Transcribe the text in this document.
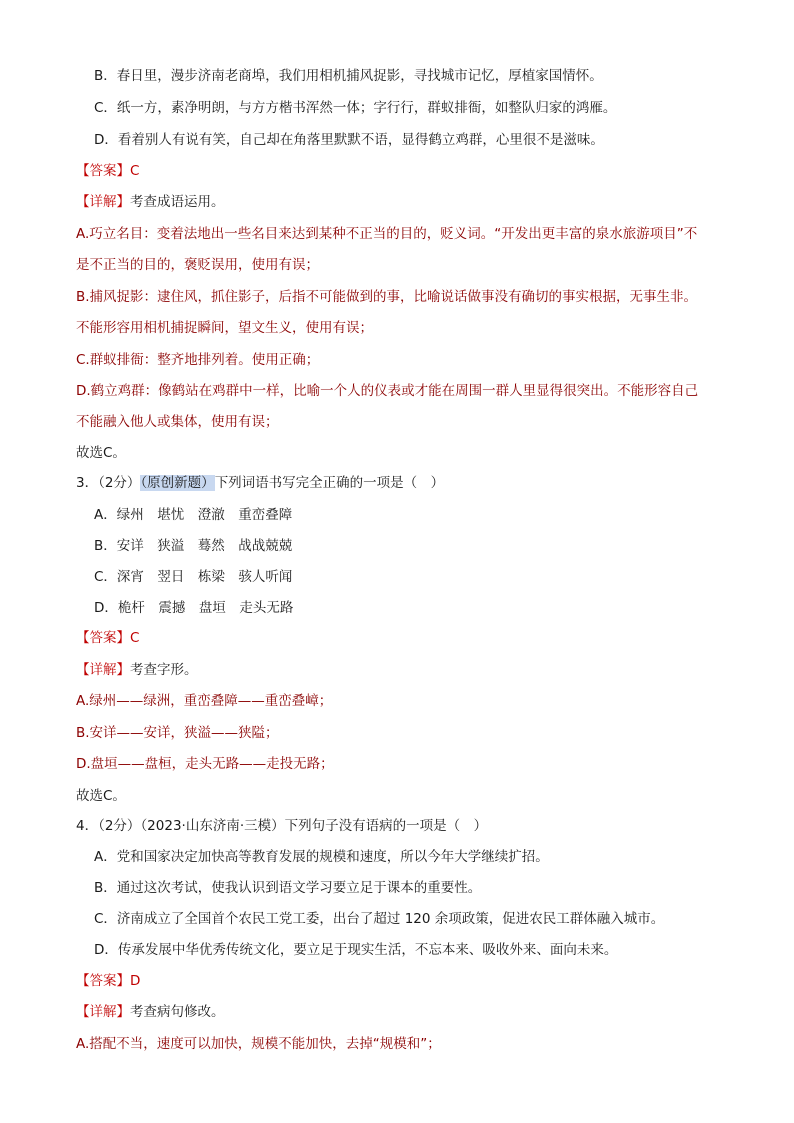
B．春日里，漫步济南老商埠，我们用相机捕风捉影，寻找城市记忆，厚植家国情怀。
C．纸一方，素净明朗，与方方楷书浑然一体；字行行，群蚁排衙，如整队归家的鸿雁。
D．看着别人有说有笑，自己却在角落里默默不语，显得鹤立鸡群，心里很不是滋味。
【答案】C
【详解】考查成语运用。
A.巧立名目：变着法地出一些名目来达到某种不正当的目的，贬义词。“开发出更丰富的泉水旅游项目”不
是不正当的目的，褒贬误用，使用有误；
B.捕风捉影：逮住风，抓住影子，后指不可能做到的事，比喻说话做事没有确切的事实根据，无事生非。
不能形容用相机捕捉瞬间，望文生义，使用有误；
C.群蚁排衙：整齐地排列着。使用正确；
D.鹤立鸡群：像鹤站在鸡群中一样，比喻一个人的仪表或才能在周围一群人里显得很突出。不能形容自己
不能融入他人或集体，使用有误；
故选C。
3．（2分）（原创新题）下列词语书写完全正确的一项是（　）
A．绿州　堪忧　澄澈　重峦叠障
B．安详　狭溢　蓦然　战战兢兢
C．深宵　翌日　栋梁　骇人听闻
D．桅杆　震撼　盘垣　走头无路
【答案】C
【详解】考查字形。
A.绿州——绿洲，重峦叠障——重峦叠嶂；
B.安详——安详，狭溢——狭隘；
D.盘垣——盘桓，走头无路——走投无路；
故选C。
4．（2分）（2023·山东济南·三模）下列句子没有语病的一项是（　）
A．党和国家决定加快高等教育发展的规模和速度，所以今年大学继续扩招。
B．通过这次考试，使我认识到语文学习要立足于课本的重要性。
C．济南成立了全国首个农民工党工委，出台了超过 120 余项政策，促进农民工群体融入城市。
D．传承发展中华优秀传统文化，要立足于现实生活，不忘本来、吸收外来、面向未来。
【答案】D
【详解】考查病句修改。
A.搭配不当，速度可以加快，规模不能加快，去掉“规模和”；
